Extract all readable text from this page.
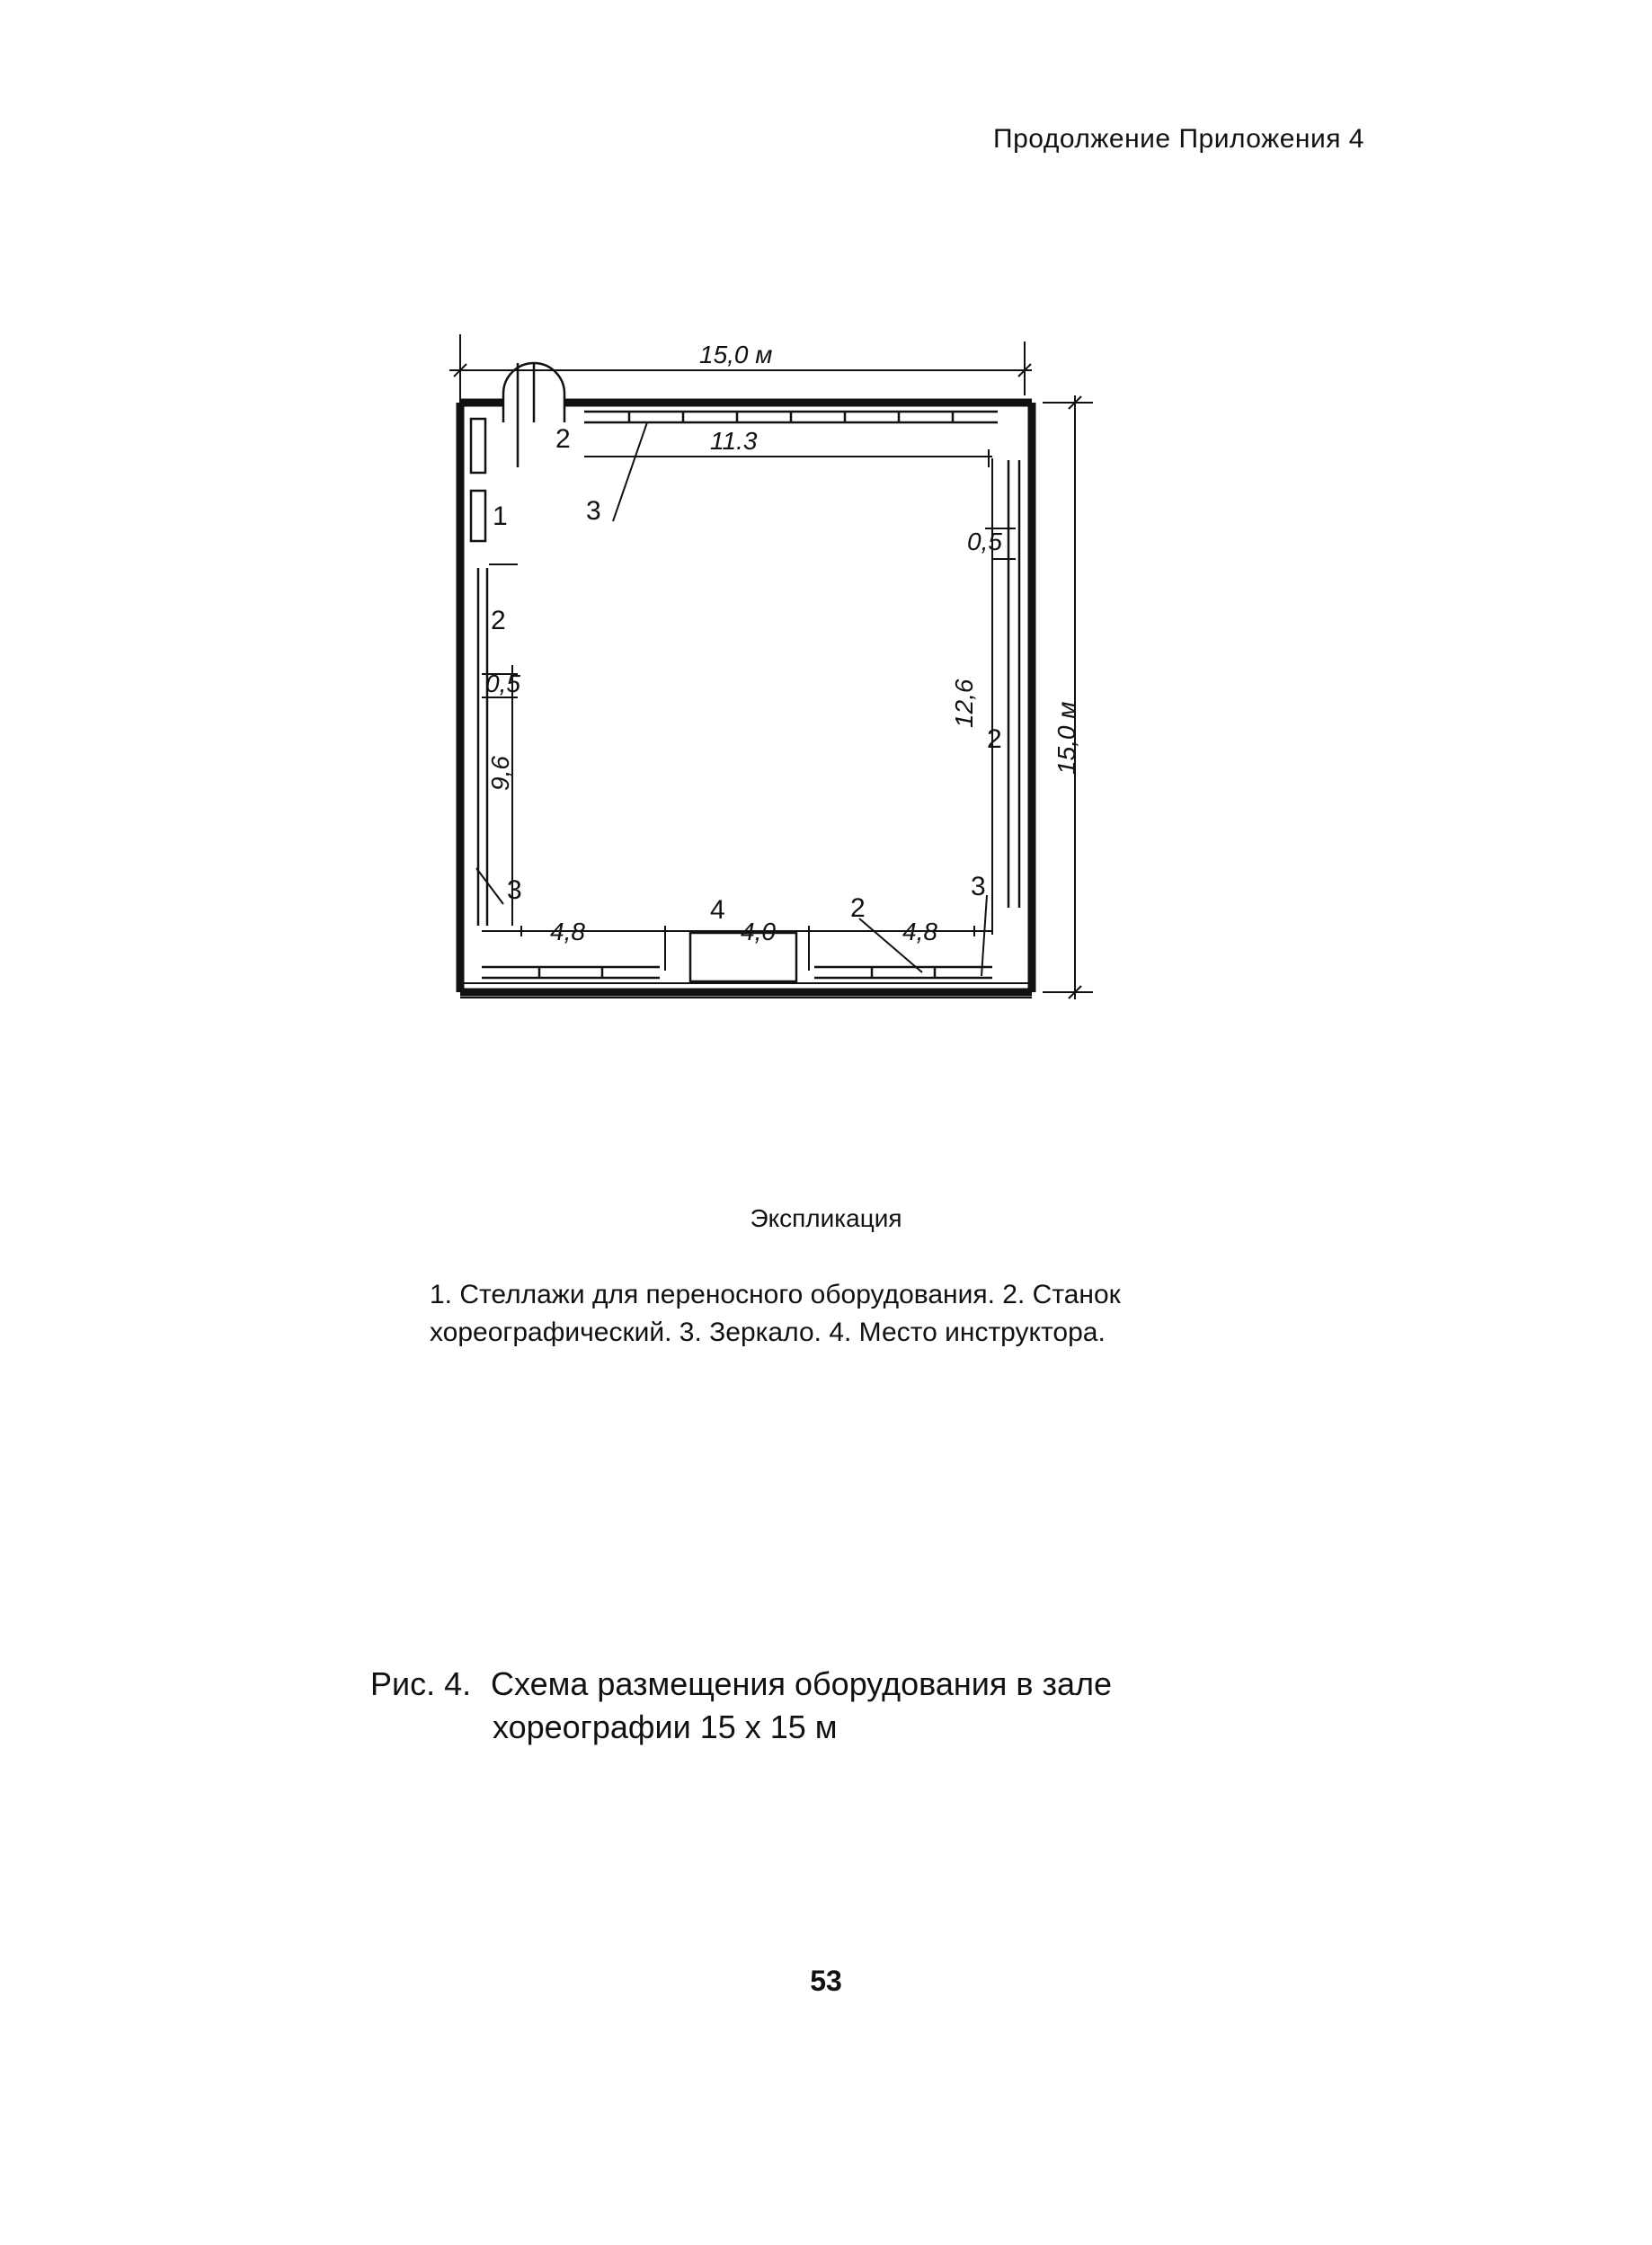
Продолжение Приложения 4
2
3
1
2
3
2
3
4	2
15,0 м
11.3
0,5
0,5	12,6	15,0 м
9,6
4,8	4,0	4,8
Экспликация
1. Стеллажи для переносного оборудования. 2. Станок хореографический. 3. Зеркало. 4. Место инструктора.
Рис. 4. Схема размещения оборудования в зале
хореографии 15 х 15 м
53
